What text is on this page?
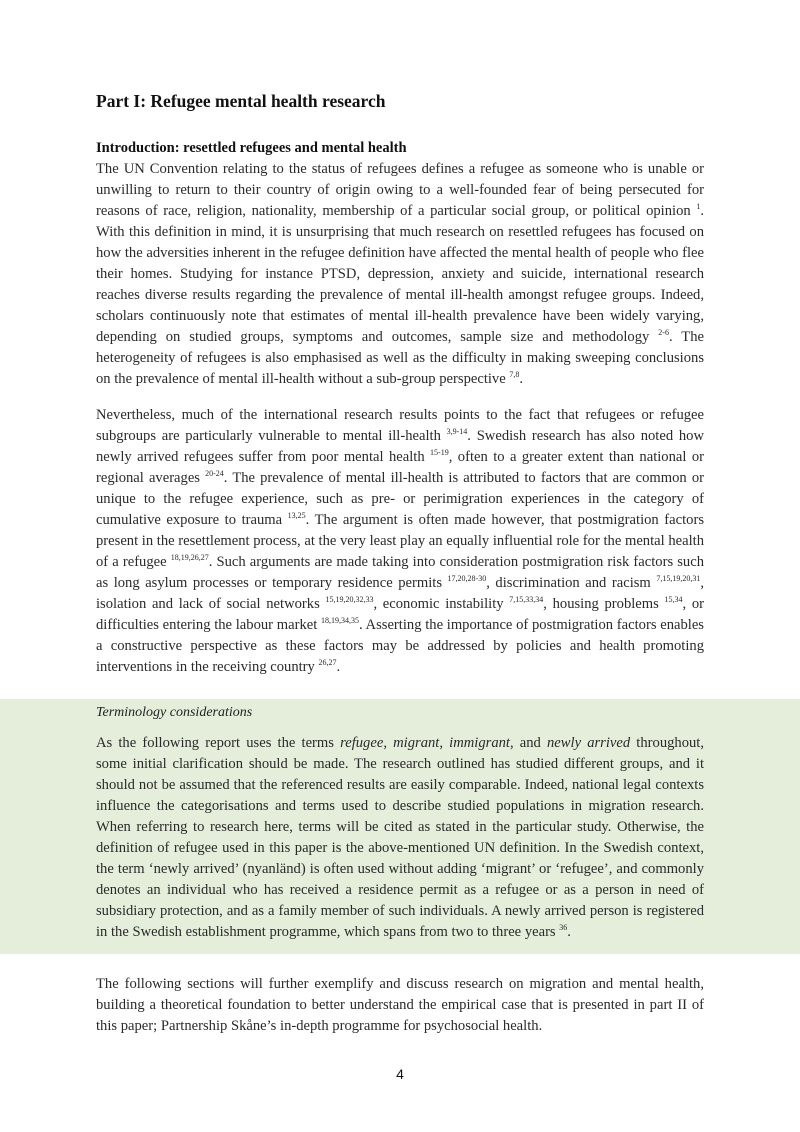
Part I: Refugee mental health research
Introduction: resettled refugees and mental health

The UN Convention relating to the status of refugees defines a refugee as someone who is unable or unwilling to return to their country of origin owing to a well-founded fear of being persecuted for reasons of race, religion, nationality, membership of a particular social group, or political opinion $^1$. With this definition in mind, it is unsurprising that much research on resettled refugees has focused on how the adversities inherent in the refugee definition have affected the mental health of people who flee their homes. Studying for instance PTSD, depression, anxiety and suicide, international research reaches diverse results regarding the prevalence of mental ill-health amongst refugee groups. Indeed, scholars continuously note that estimates of mental ill-health prevalence have been widely varying, depending on studied groups, symptoms and outcomes, sample size and methodology $^{2-6}$. The heterogeneity of refugees is also emphasised as well as the difficulty in making sweeping conclusions on the prevalence of mental ill-health without a sub-group perspective $^{7,8}$.

Nevertheless, much of the international research results points to the fact that refugees or refugee subgroups are particularly vulnerable to mental ill-health $^{3,9-14}$. Swedish research has also noted how newly arrived refugees suffer from poor mental health $^{15-19}$, often to a greater extent than national or regional averages $^{20-24}$. The prevalence of mental ill-health is attributed to factors that are common or unique to the refugee experience, such as pre- or perimigration experiences in the category of cumulative exposure to trauma $^{13,25}$. The argument is often made however, that postmigration factors present in the resettlement process, at the very least play an equally influential role for the mental health of a refugee $^{18,19,26,27}$. Such arguments are made taking into consideration postmigration risk factors such as long asylum processes or temporary residence permits $^{17,20,28-30}$, discrimination and racism $^{7,15,19,20,31}$, isolation and lack of social networks $^{15,19,20,32,33}$, economic instability $^{7,15,33,34}$, housing problems $^{15,34}$, or difficulties entering the labour market $^{18,19,34,35}$. Asserting the importance of postmigration factors enables a constructive perspective as these factors may be addressed by policies and health promoting interventions in the receiving country $^{26,27}$.

Terminology considerations

As the following report uses the terms refugee, migrant, immigrant, and newly arrived throughout, some initial clarification should be made. The research outlined has studied different groups, and it should not be assumed that the referenced results are easily comparable. Indeed, national legal contexts influence the categorisations and terms used to describe studied populations in migration research. When referring to research here, terms will be cited as stated in the particular study. Otherwise, the definition of refugee used in this paper is the above-mentioned UN definition. In the Swedish context, the term ‘newly arrived’ (nyanländ) is often used without adding ‘migrant’ or ‘refugee’, and commonly denotes an individual who has received a residence permit as a refugee or as a person in need of subsidiary protection, and as a family member of such individuals. A newly arrived person is registered in the Swedish establishment programme, which spans from two to three years $^{36}$.

The following sections will further exemplify and discuss research on migration and mental health, building a theoretical foundation to better understand the empirical case that is presented in part II of this paper; Partnership Skåne’s in-depth programme for psychosocial health.

4
